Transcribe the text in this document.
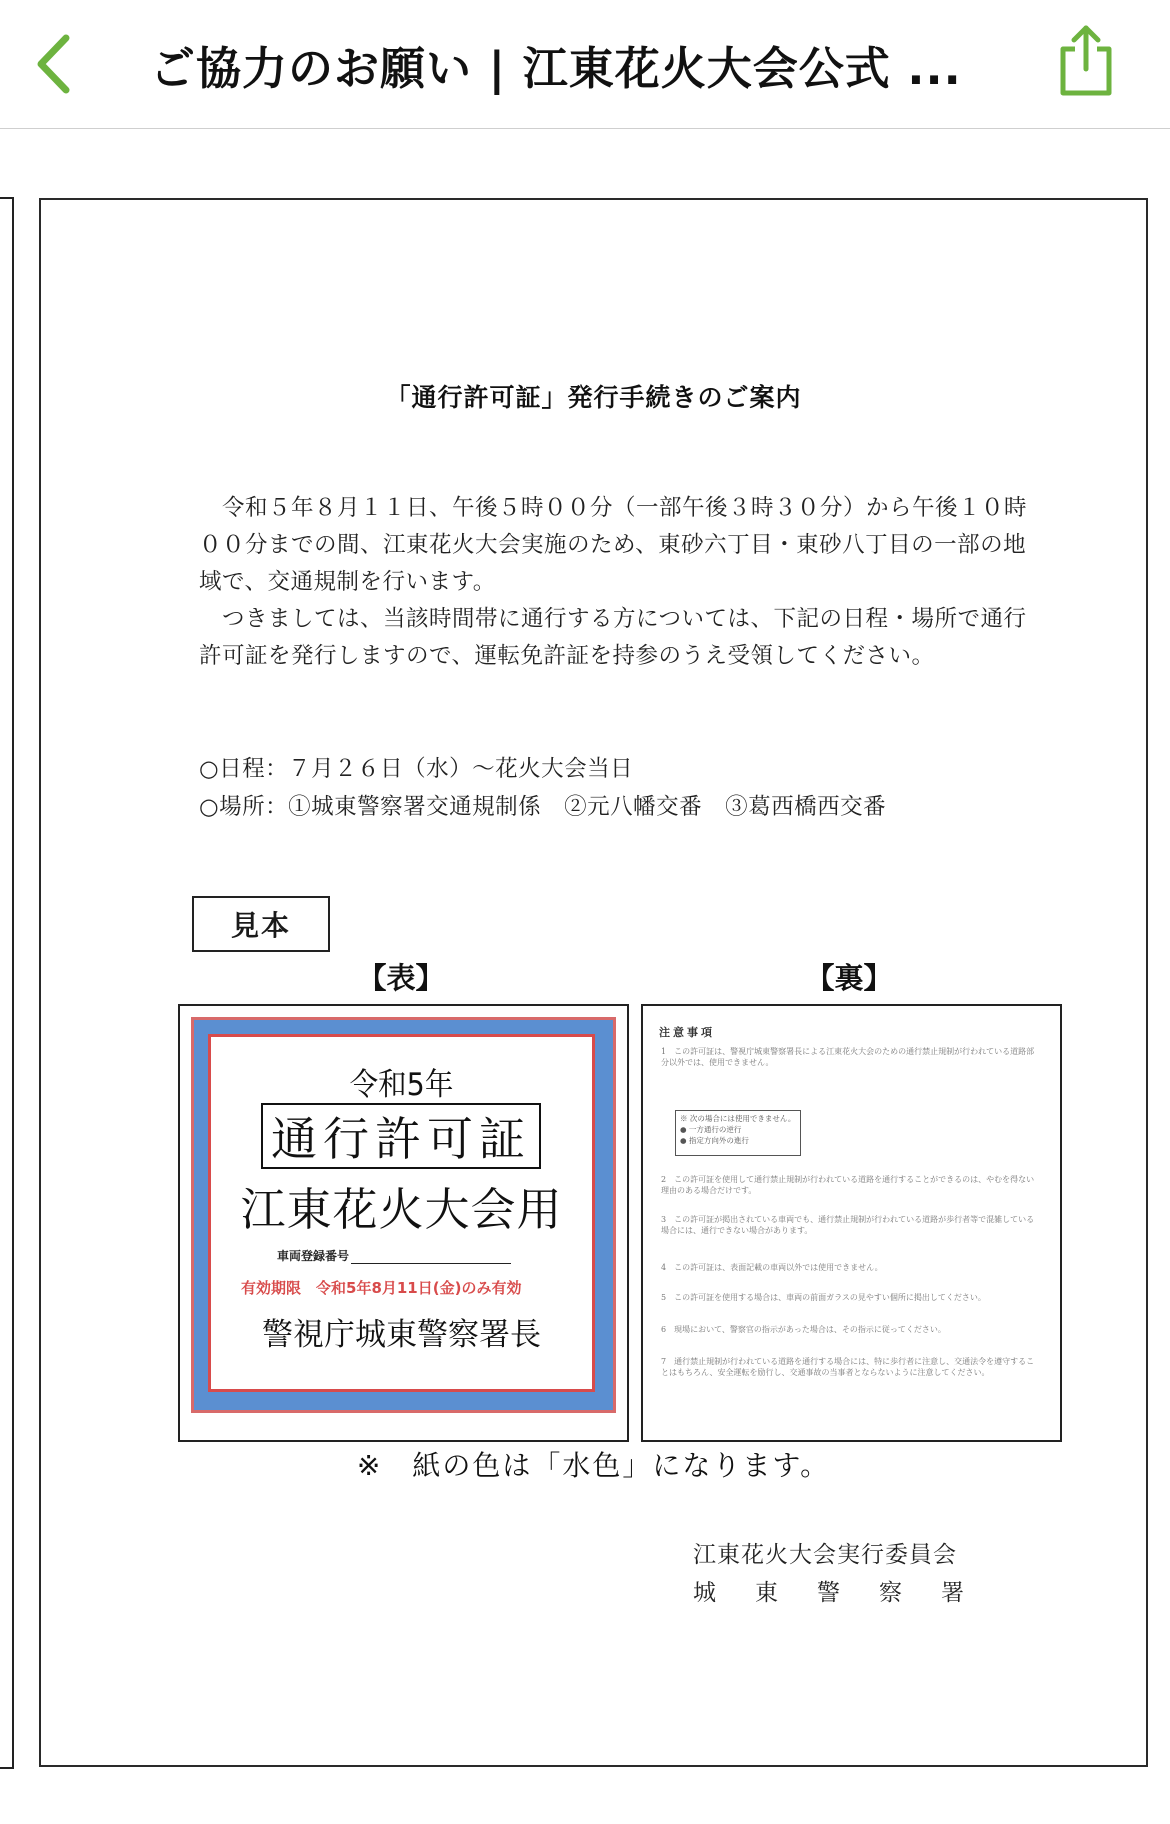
ご協力のお願い | 江東花火大会公式 ...
「通行許可証」発行手続きのご案内

　令和５年８月１１日、午後５時００分（一部午後３時３０分）から午後１０時００分までの間、江東花火大会実施のため、東砂六丁目・東砂八丁目の一部の地域で、交通規制を行います。

　つきましては、当該時間帯に通行する方については、下記の日程・場所で通行許可証を発行しますので、運転免許証を持参のうえ受領してください。

○日程：７月２６日（水）～花火大会当日

○場所：①城東警察署交通規制係　②元八幡交番　③葛西橋西交番

見本
【表】	【裏】
令和5年
通行許可証
江東花火大会用
車両登録番号
有効期限　令和5年8月11日(金)のみ有効
警視庁城東警察署長
注意事項
1　この許可証は、警視庁城東警察署長による江東花火大会のための通行禁止規制が行われている道路部分以外では、使用できません。
※ 次の場合には使用できません。
● 一方通行の逆行
● 指定方向外の進行
2　この許可証を使用して通行禁止規制が行われている道路を通行することができるのは、やむを得ない理由のある場合だけです。
3　この許可証が掲出されている車両でも、通行禁止規制が行われている道路が歩行者等で混雑している場合には、通行できない場合があります。
4　この許可証は、表面記載の車両以外では使用できません。
5　この許可証を使用する場合は、車両の前面ガラスの見やすい個所に掲出してください。
6　現場において、警察官の指示があった場合は、その指示に従ってください。
7　通行禁止規制が行われている道路を通行する場合には、特に歩行者に注意し、交通法令を遵守することはもちろん、安全運転を励行し、交通事故の当事者とならないように注意してください。
※　紙の色は「水色」になります。
江東花火大会実行委員会
城東警察署
